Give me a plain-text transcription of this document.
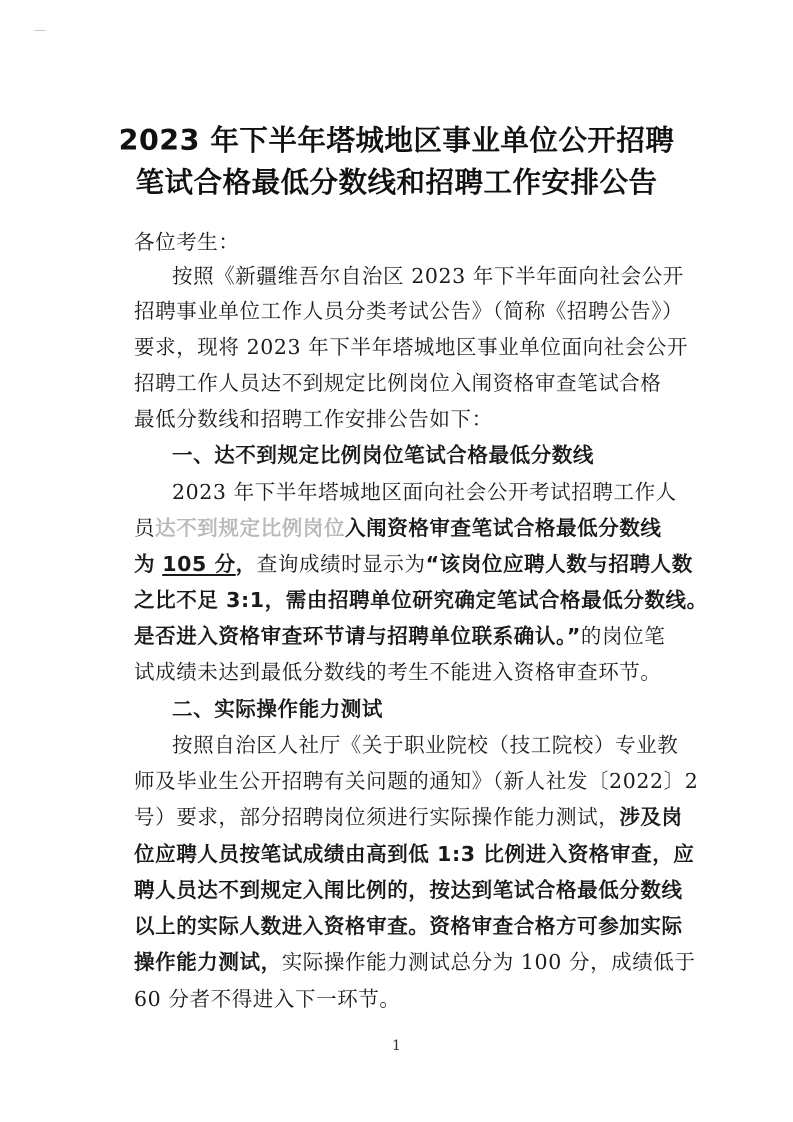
2023 年下半年塔城地区事业单位公开招聘
笔试合格最低分数线和招聘工作安排公告
各位考生：
按照《新疆维吾尔自治区 2023 年下半年面向社会公开
招聘事业单位工作人员分类考试公告》（简称《招聘公告》）
要求，现将 2023 年下半年塔城地区事业单位面向社会公开
招聘工作人员达不到规定比例岗位入闱资格审查笔试合格
最低分数线和招聘工作安排公告如下：
一、达不到规定比例岗位笔试合格最低分数线
2023 年下半年塔城地区面向社会公开考试招聘工作人
员达不到规定比例岗位入闱资格审查笔试合格最低分数线
为 105 分，查询成绩时显示为“该岗位应聘人数与招聘人数
之比不足 3:1，需由招聘单位研究确定笔试合格最低分数线。
是否进入资格审查环节请与招聘单位联系确认。”的岗位笔
试成绩未达到最低分数线的考生不能进入资格审查环节。
二、实际操作能力测试
按照自治区人社厅《关于职业院校（技工院校）专业教
师及毕业生公开招聘有关问题的通知》（新人社发〔2022〕2
号）要求，部分招聘岗位须进行实际操作能力测试，涉及岗
位应聘人员按笔试成绩由高到低 1:3 比例进入资格审查，应
聘人员达不到规定入闱比例的，按达到笔试合格最低分数线
以上的实际人数进入资格审查。资格审查合格方可参加实际
操作能力测试，实际操作能力测试总分为 100 分，成绩低于
60 分者不得进入下一环节。
1
